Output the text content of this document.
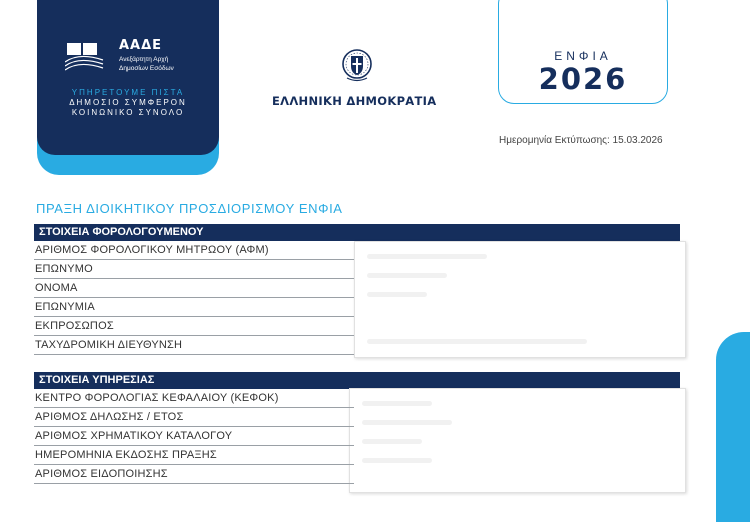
ΑΑΔΕ
Ανεξάρτητη Αρχή
Δημοσίων Εσόδων
ΥΠΗΡΕΤΟΥΜΕ ΠΙΣΤΑ
ΔΗΜΟΣΙΟ ΣΥΜΦΕΡΟΝ
ΚΟΙΝΩΝΙΚΟ ΣΥΝΟΛΟ
ΕΛΛΗΝΙΚΗ ΔΗΜΟΚΡΑΤΙΑ
ΕΝΦΙΑ
2026
Ημερομηνία Εκτύπωσης: 15.03.2026
ΠΡΑΞΗ ΔΙΟΙΚΗΤΙΚΟΥ ΠΡΟΣΔΙΟΡΙΣΜΟΥ ΕΝΦΙΑ
ΣΤΟΙΧΕΙΑ ΦΟΡΟΛΟΓΟΥΜΕΝΟΥ
ΑΡΙΘΜΟΣ ΦΟΡΟΛΟΓΙΚΟΥ ΜΗΤΡΩΟΥ (ΑΦΜ)
ΕΠΩΝΥΜΟ
ΟΝΟΜΑ
ΕΠΩΝΥΜΙΑ
ΕΚΠΡΟΣΩΠΟΣ
ΤΑΧΥΔΡΟΜΙΚΗ ΔΙΕΥΘΥΝΣΗ
ΣΤΟΙΧΕΙΑ ΥΠΗΡΕΣΙΑΣ
ΚΕΝΤΡΟ ΦΟΡΟΛΟΓΙΑΣ ΚΕΦΑΛΑΙΟΥ (ΚΕΦΟΚ)
ΑΡΙΘΜΟΣ ΔΗΛΩΣΗΣ / ΕΤΟΣ
ΑΡΙΘΜΟΣ ΧΡΗΜΑΤΙΚΟΥ ΚΑΤΑΛΟΓΟΥ
ΗΜΕΡΟΜΗΝΙΑ ΕΚΔΟΣΗΣ ΠΡΑΞΗΣ
ΑΡΙΘΜΟΣ ΕΙΔΟΠΟΙΗΣΗΣ
